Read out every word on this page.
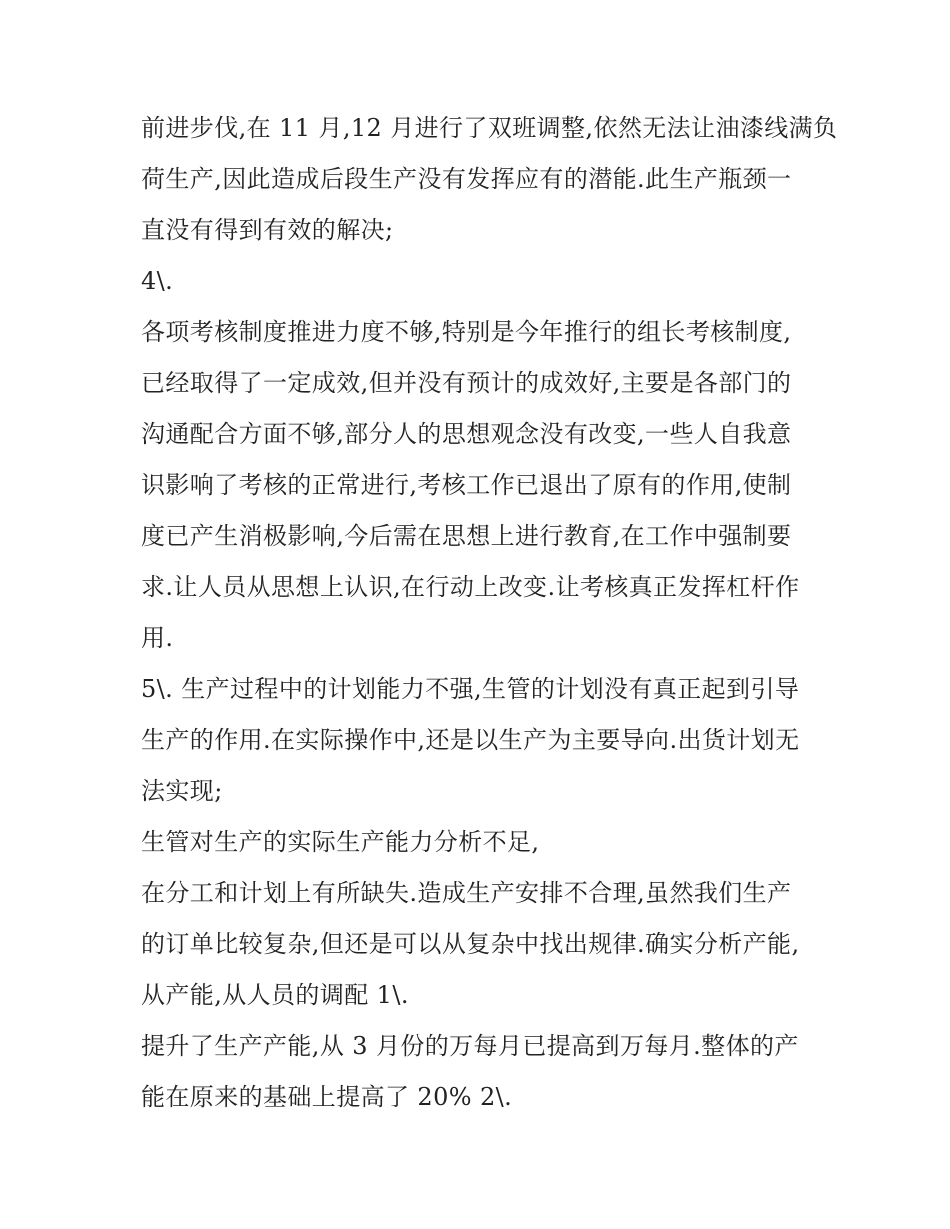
前进步伐,在 11 月,12 月进行了双班调整,依然无法让油漆线满负
荷生产,因此造成后段生产没有发挥应有的潜能.此生产瓶颈一
直没有得到有效的解决;
4\.
各项考核制度推进力度不够,特别是今年推行的组长考核制度,
已经取得了一定成效,但并没有预计的成效好,主要是各部门的
沟通配合方面不够,部分人的思想观念没有改变,一些人自我意
识影响了考核的正常进行,考核工作已退出了原有的作用,使制
度已产生消极影响,今后需在思想上进行教育,在工作中强制要
求.让人员从思想上认识,在行动上改变.让考核真正发挥杠杆作
用.
5\. 生产过程中的计划能力不强,生管的计划没有真正起到引导
生产的作用.在实际操作中,还是以生产为主要导向.出货计划无
法实现;
生管对生产的实际生产能力分析不足,
在分工和计划上有所缺失.造成生产安排不合理,虽然我们生产
的订单比较复杂,但还是可以从复杂中找出规律.确实分析产能,
从产能,从人员的调配 1\.
提升了生产产能,从 3 月份的万每月已提高到万每月.整体的产
能在原来的基础上提高了 20% 2\.
